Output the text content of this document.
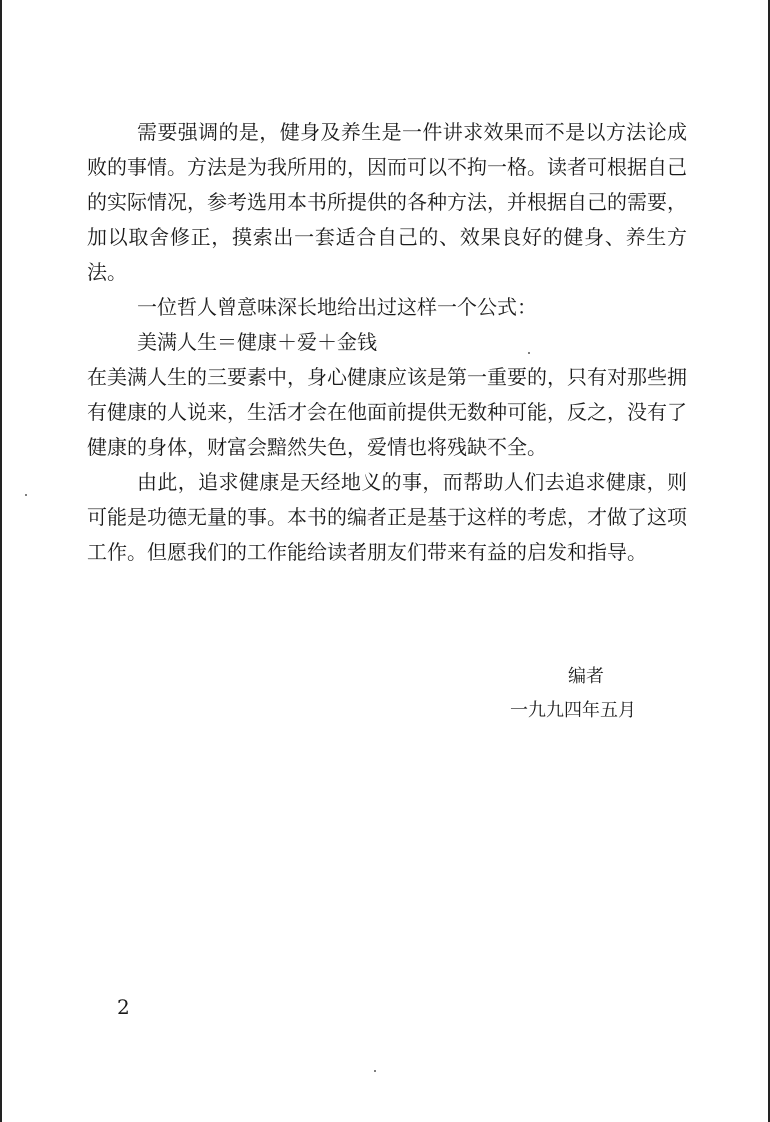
需要强调的是，健身及养生是一件讲求效果而不是以方法论成败的事情。方法是为我所用的，因而可以不拘一格。读者可根据自己的实际情况，参考选用本书所提供的各种方法，并根据自己的需要，加以取舍修正，摸索出一套适合自己的、效果良好的健身、养生方法。

一位哲人曾意味深长地给出过这样一个公式：

美满人生＝健康＋爱＋金钱

在美满人生的三要素中，身心健康应该是第一重要的，只有对那些拥有健康的人说来，生活才会在他面前提供无数种可能，反之，没有了健康的身体，财富会黯然失色，爱情也将残缺不全。

由此，追求健康是天经地义的事，而帮助人们去追求健康，则可能是功德无量的事。本书的编者正是基于这样的考虑，才做了这项工作。但愿我们的工作能给读者朋友们带来有益的启发和指导。

编者
一九九四年五月
2
